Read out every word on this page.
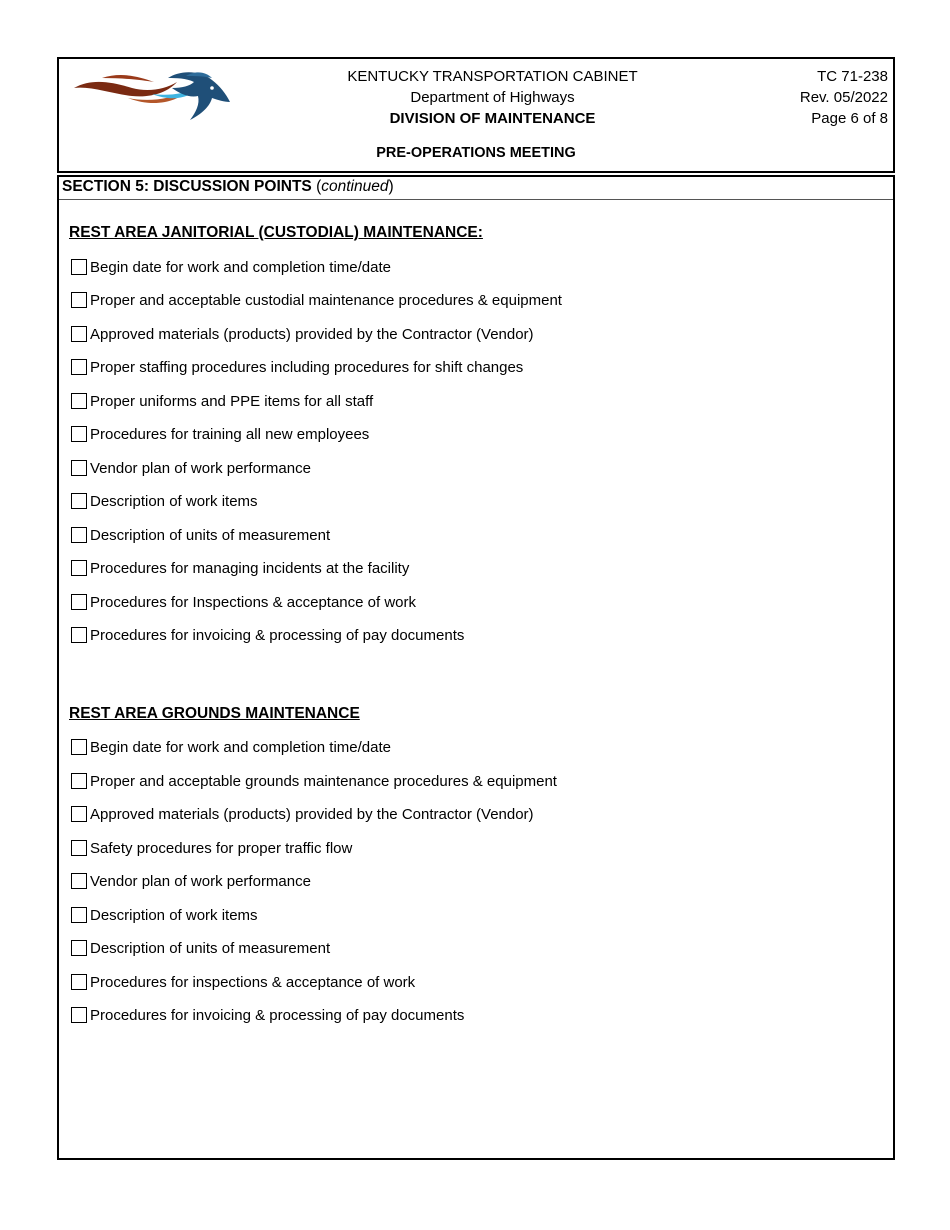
KENTUCKY TRANSPORTATION CABINET
Department of Highways
DIVISION OF MAINTENANCE
TC 71-238
Rev. 05/2022
Page 6 of 8
PRE-OPERATIONS MEETING
SECTION 5: DISCUSSION POINTS (continued)
REST AREA JANITORIAL (CUSTODIAL) MAINTENANCE:
Begin date for work and completion time/date
Proper and acceptable custodial maintenance procedures & equipment
Approved materials (products) provided by the Contractor (Vendor)
Proper staffing procedures including procedures for shift changes
Proper uniforms and PPE items for all staff
Procedures for training all new employees
Vendor plan of work performance
Description of work items
Description of units of measurement
Procedures for managing incidents at the facility
Procedures for Inspections & acceptance of work
Procedures for invoicing & processing of pay documents
REST AREA GROUNDS MAINTENANCE
Begin date for work and completion time/date
Proper and acceptable grounds maintenance procedures & equipment
Approved materials (products) provided by the Contractor (Vendor)
Safety procedures for proper traffic flow
Vendor plan of work performance
Description of work items
Description of units of measurement
Procedures for inspections & acceptance of work
Procedures for invoicing & processing of pay documents
